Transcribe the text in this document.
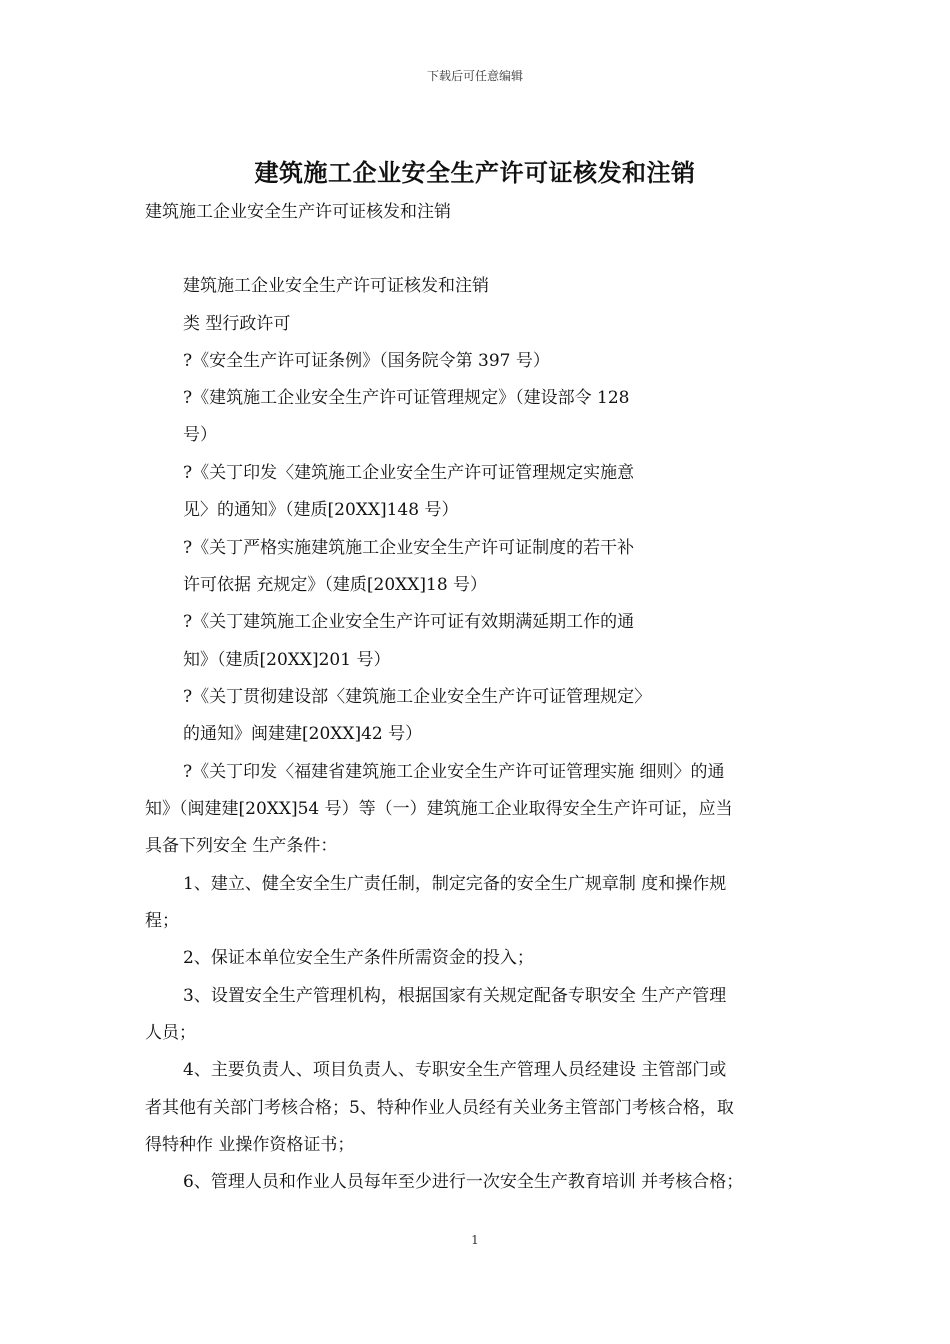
下载后可任意编辑
建筑施工企业安全生产许可证核发和注销
建筑施工企业安全生产许可证核发和注销
建筑施工企业安全生产许可证核发和注销
类 型行政许可
?《安全生产许可证条例》（国务院令第 397 号）
?《建筑施工企业安全生产许可证管理规定》（建设部令 128
号）
?《关丁印发〈建筑施工企业安全生产许可证管理规定实施意
见〉的通知》（建质[20XX]148 号）
?《关丁严格实施建筑施工企业安全生产许可证制度的若干补
许可依据 充规定》（建质[20XX]18 号）
?《关丁建筑施工企业安全生产许可证有效期满延期工作的通
知》（建质[20XX]201 号）
?《关丁贯彻建设部〈建筑施工企业安全生产许可证管理规定〉
的通知》闽建建[20XX]42 号）
?《关丁印发〈福建省建筑施工企业安全生产许可证管理实施 细则〉的通
知》（闽建建[20XX]54 号）等（一）建筑施工企业取得安全生产许可证，应当
具备下列安全 生产条件：
1、建立、健全安全生广责任制，制定完备的安全生广规章制 度和操作规
程；
2、保证本单位安全生产条件所需资金的投入；
3、设置安全生产管理机构，根据国家有关规定配备专职安全 生产产管理
人员；
4、主要负责人、项目负责人、专职安全生产管理人员经建设 主管部门或
者其他有关部门考核合格；5、特种作业人员经有关业务主管部门考核合格，取
得特种作 业操作资格证书；
6、管理人员和作业人员每年至少进行一次安全生产教育培训 并考核合格；
1
